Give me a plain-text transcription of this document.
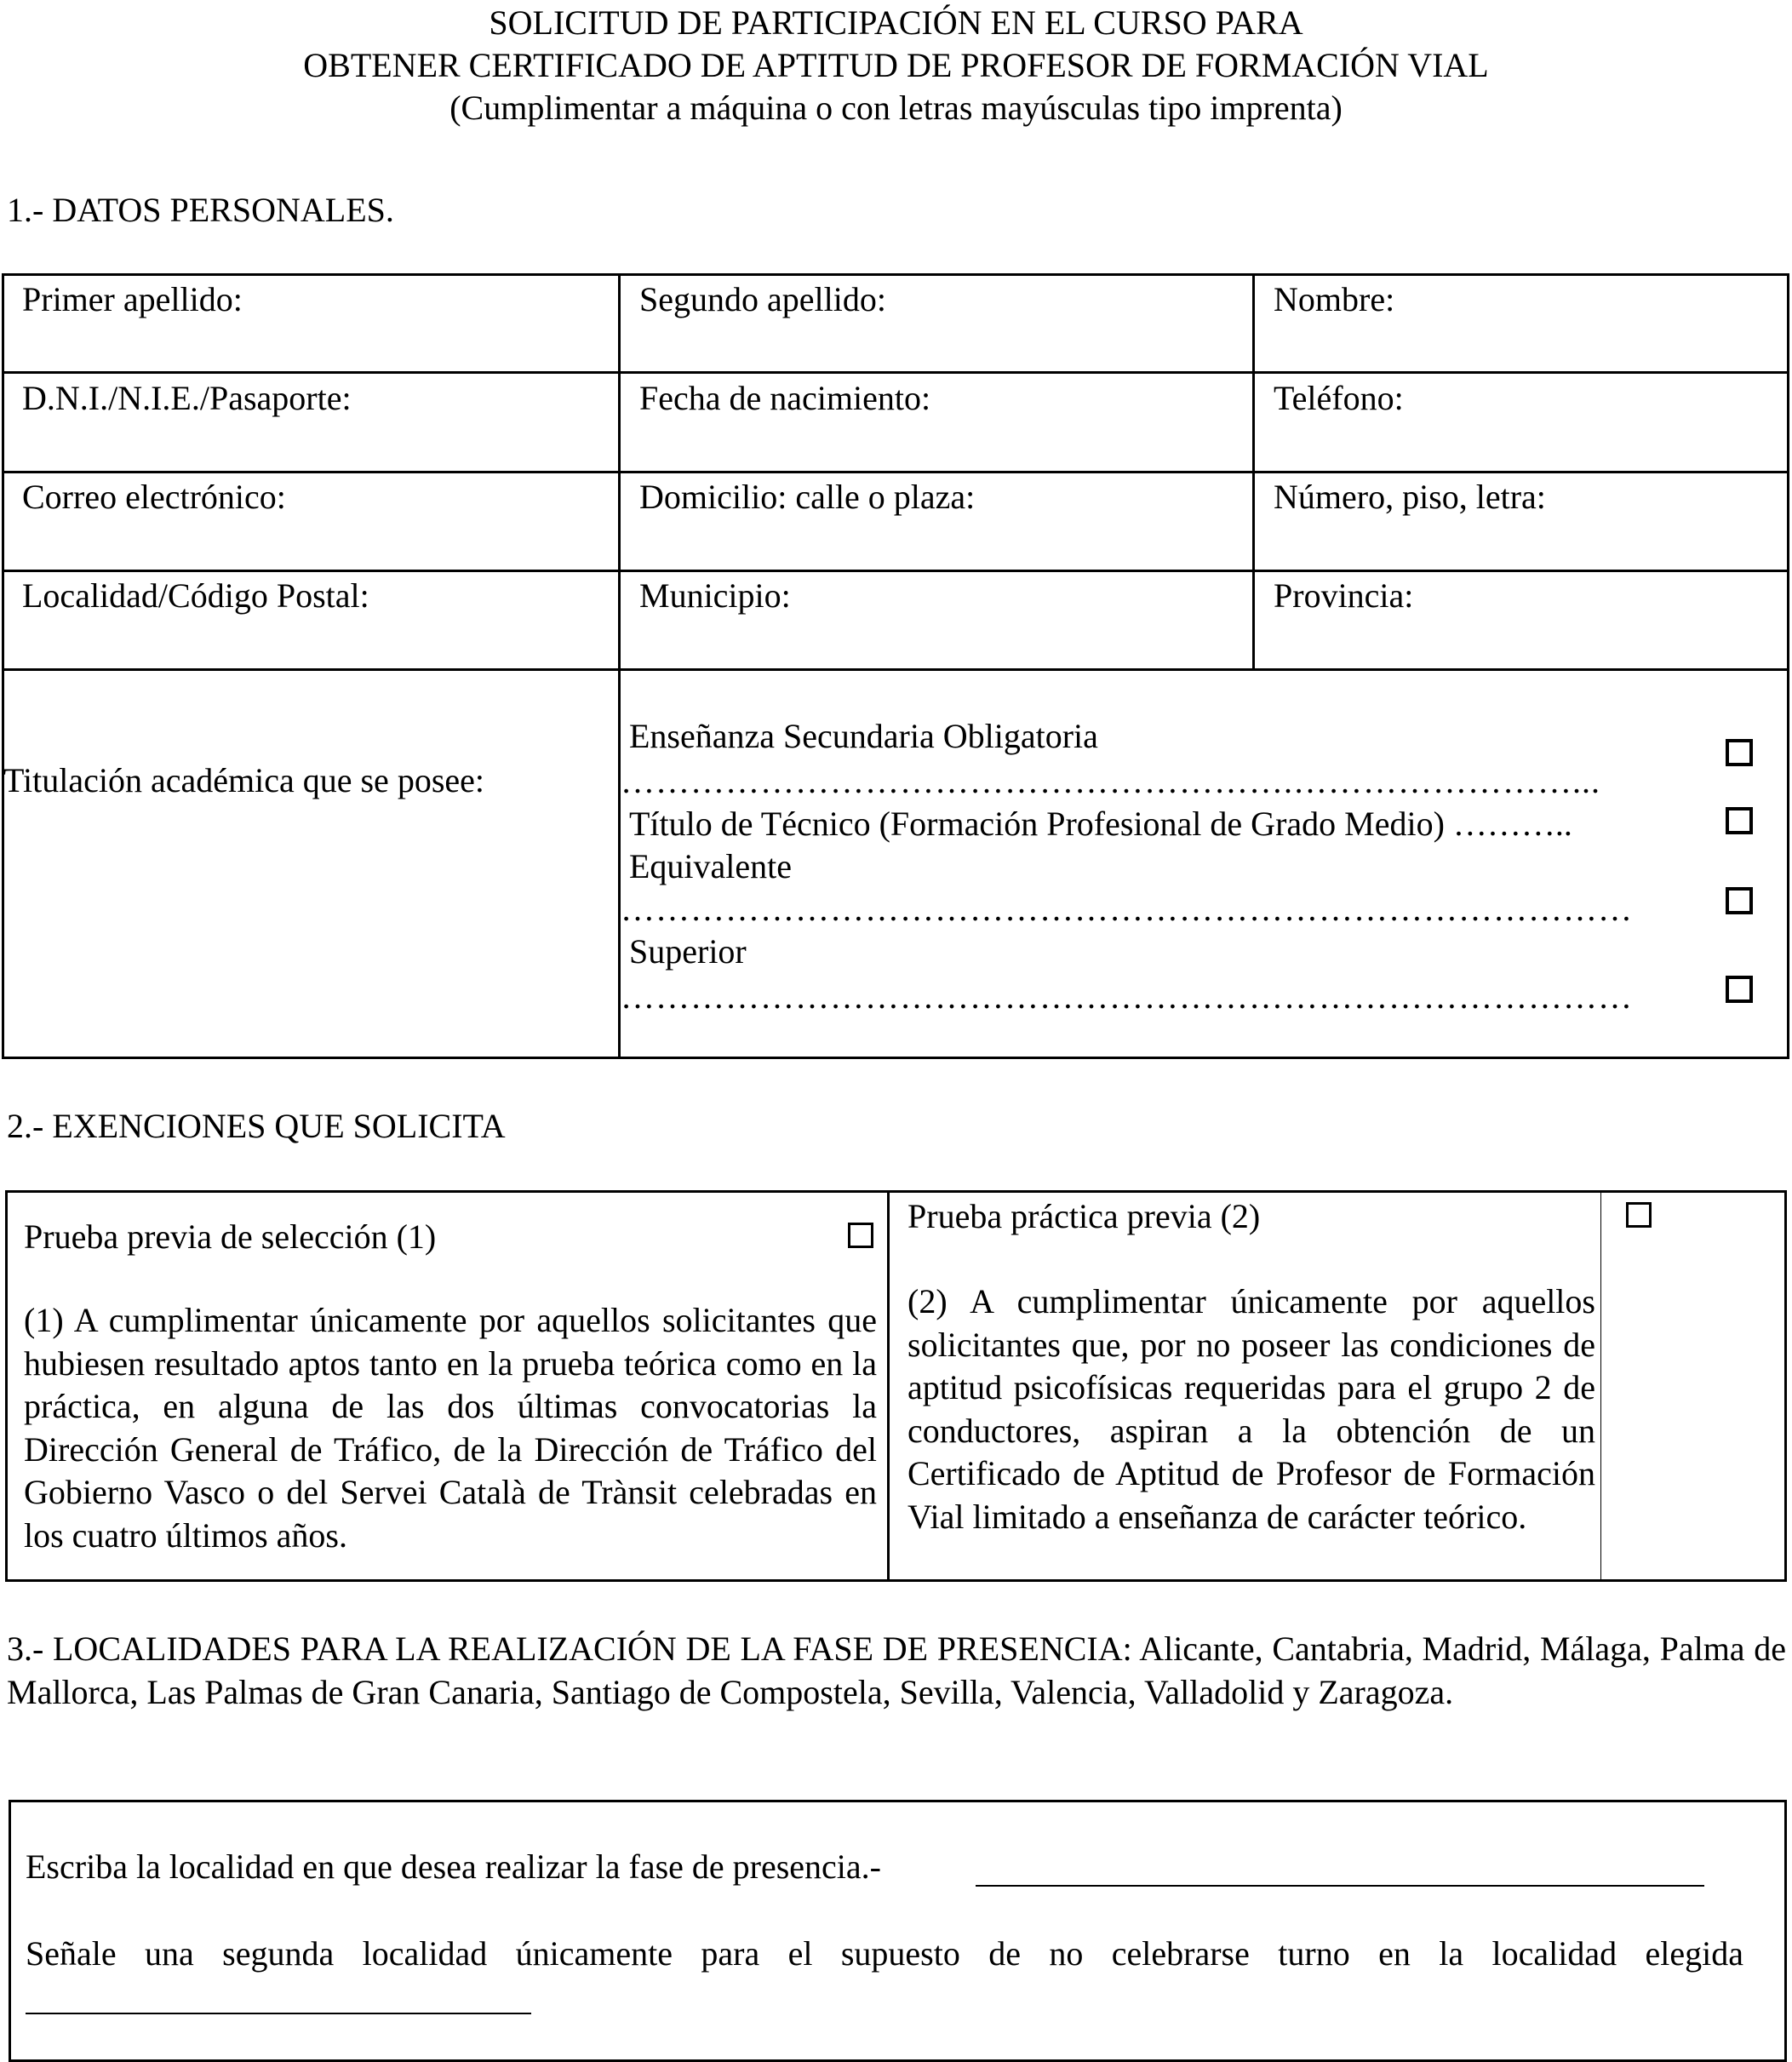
SOLICITUD DE PARTICIPACIÓN EN EL CURSO PARA
OBTENER CERTIFICADO DE APTITUD DE PROFESOR DE FORMACIÓN VIAL
(Cumplimentar a máquina o con letras mayúsculas tipo imprenta)
1.- DATOS PERSONALES.
Primer apellido:	Segundo apellido:	Nombre:
D.N.I./N.I.E./Pasaporte:	Fecha de nacimiento:	Teléfono:
Correo electrónico:	Domicilio: calle o plaza:	Número, piso, letra:
Localidad/Código Postal:	Municipio:	Provincia:
Titulación académica que se posee:
Enseñanza Secundaria Obligatoria
………………………………………………….……………………...
Título de Técnico (Formación Profesional de Grado Medio) ………..
Equivalente
……………………………………………………………………………
Superior
……………………………………………………………………………
2.- EXENCIONES QUE SOLICITA
Prueba previa de selección (1)
(1) A cumplimentar únicamente por aquellos solicitantes que hubiesen resultado aptos tanto en la prueba teórica como en la práctica, en alguna de las dos últimas convocatorias la Dirección General de Tráfico, de la Dirección de Tráfico del Gobierno Vasco o del Servei Català de Trànsit celebradas en los cuatro últimos años.
Prueba práctica previa (2)
(2) A cumplimentar únicamente por aquellos solicitantes que, por no poseer las condiciones de aptitud psicofísicas requeridas para el grupo 2 de conductores, aspiran a la obtención de un Certificado de Aptitud de Profesor de Formación Vial limitado a enseñanza de carácter teórico.
3.- LOCALIDADES PARA LA REALIZACIÓN DE LA FASE DE PRESENCIA: Alicante, Cantabria, Madrid, Málaga, Palma de Mallorca, Las Palmas de Gran Canaria, Santiago de Compostela, Sevilla, Valencia, Valladolid y Zaragoza.
Escriba la localidad en que desea realizar la fase de presencia.-
Señale una segunda localidad únicamente para el supuesto de no celebrarse turno en la localidad elegida
